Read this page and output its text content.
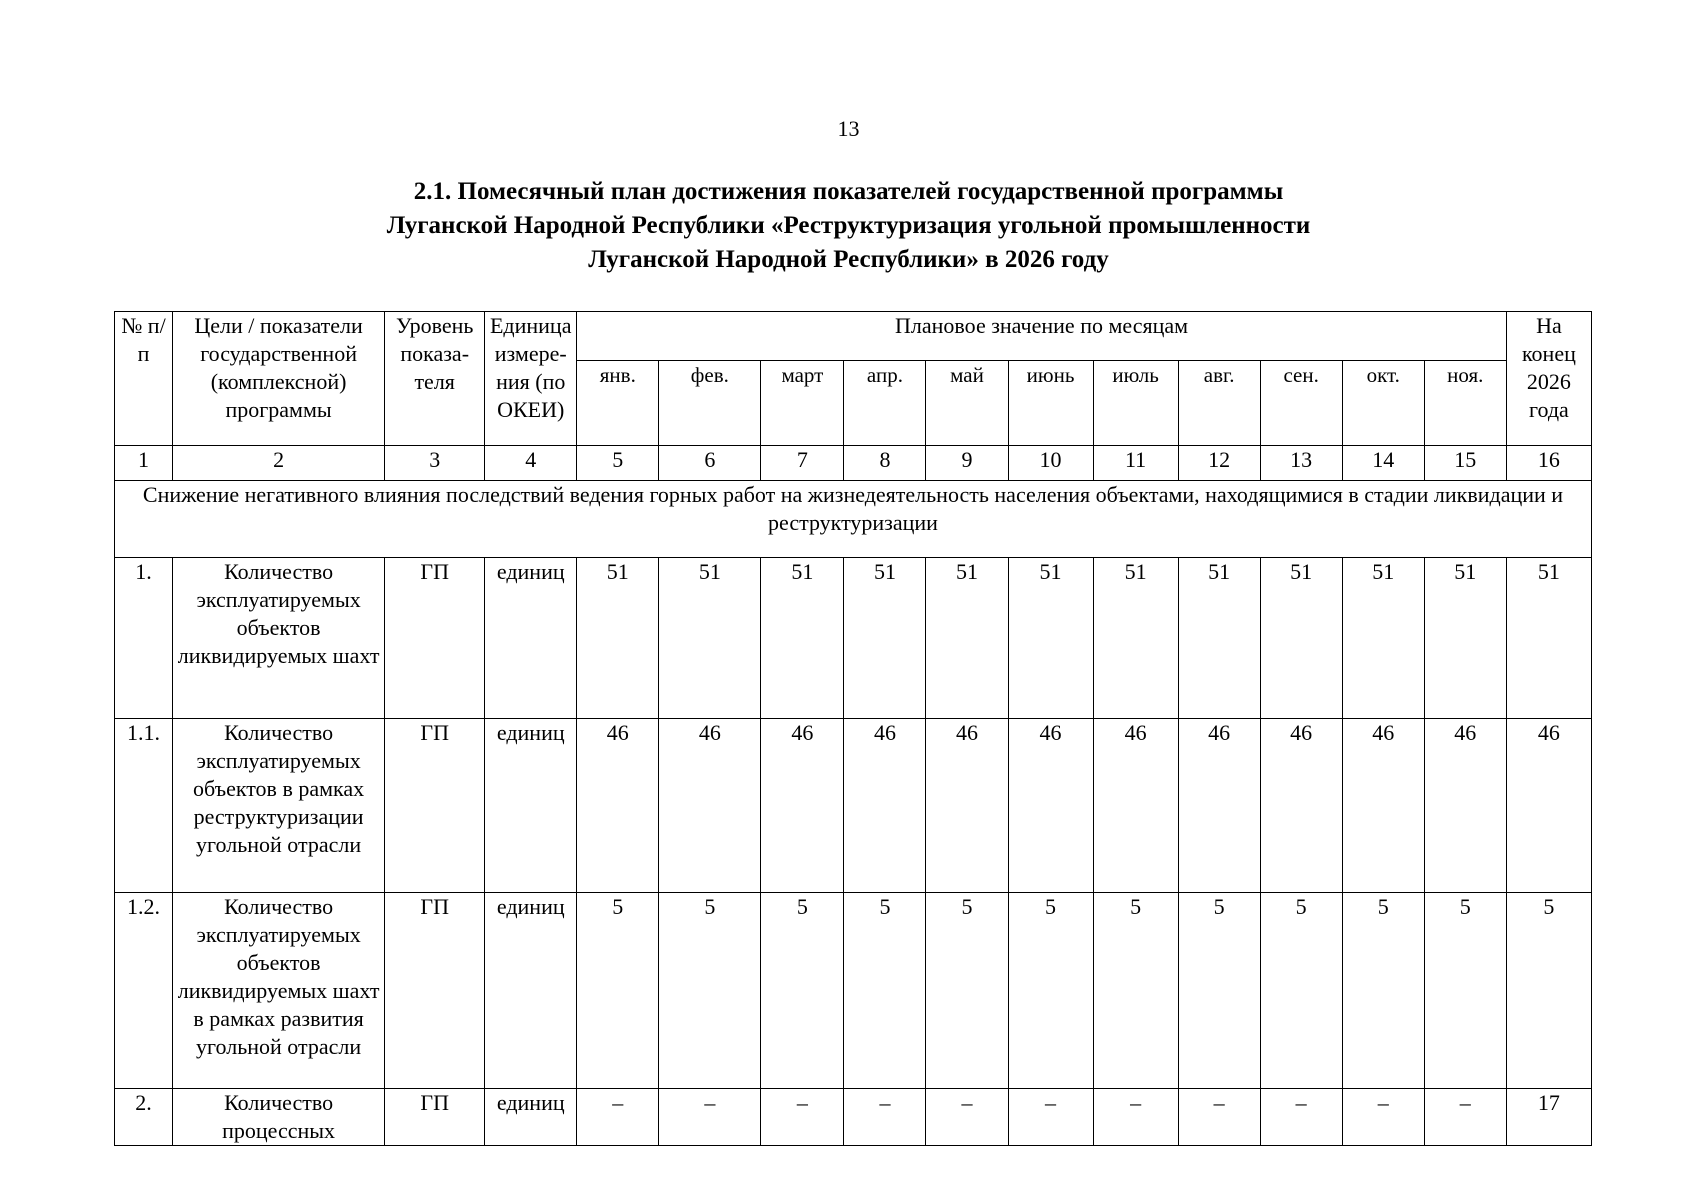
13
2.1. Помесячный план достижения показателей государственной программы
Луганской Народной Республики «Реструктуризация угольной промышленности
Луганской Народной Республики» в 2026 году
№ п/п	Цели / показатели государственной (комплексной) программы	Уровень показа-теля	Единица измере-ния (по ОКЕИ)	Плановое значение по месяцам											На конец 2026 года
				янв.	фев.	март	апр.	май	июнь	июль	авг.	сен.	окт.	ноя.	
1	2	3	4	5	6	7	8	9	10	11	12	13	14	15	16
Снижение негативного влияния последствий ведения горных работ на жизнедеятельность населения объектами, находящимися в стадии ликвидации и реструктуризации															
1.	Количество эксплуатируемых объектов ликвидируемых шахт	ГП	единиц	51	51	51	51	51	51	51	51	51	51	51	51
1.1.	Количество эксплуатируемых объектов в рамках реструктуризации угольной отрасли	ГП	единиц	46	46	46	46	46	46	46	46	46	46	46	46
1.2.	Количество эксплуатируемых объектов ликвидируемых шахт в рамках развития угольной отрасли	ГП	единиц	5	5	5	5	5	5	5	5	5	5	5	5
2.	Количество процессных	ГП	единиц	–	–	–	–	–	–	–	–	–	–	–	17
